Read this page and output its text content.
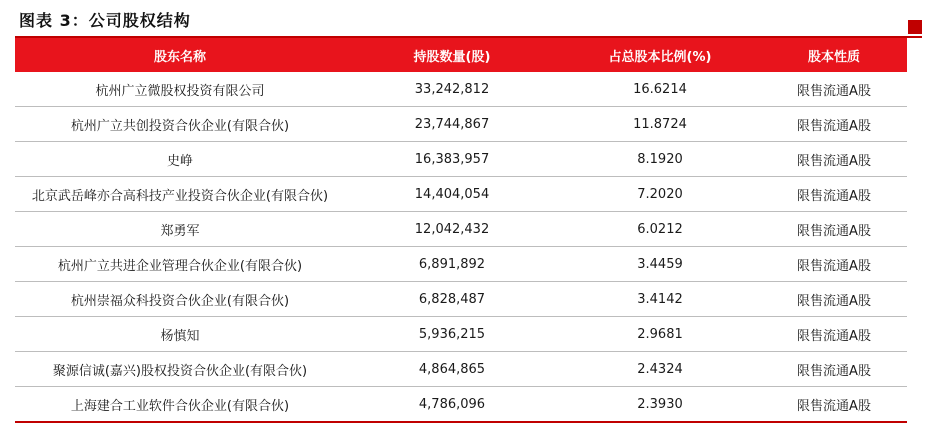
图表 3：公司股权结构
股东名称	持股数量(股)	占总股本比例(%)	股本性质
杭州广立微股权投资有限公司	33,242,812	16.6214	限售流通A股
杭州广立共创投资合伙企业(有限合伙)	23,744,867	11.8724	限售流通A股
史峥	16,383,957	8.1920	限售流通A股
北京武岳峰亦合高科技产业投资合伙企业(有限合伙)	14,404,054	7.2020	限售流通A股
郑勇军	12,042,432	6.0212	限售流通A股
杭州广立共进企业管理合伙企业(有限合伙)	6,891,892	3.4459	限售流通A股
杭州崇福众科投资合伙企业(有限合伙)	6,828,487	3.4142	限售流通A股
杨慎知	5,936,215	2.9681	限售流通A股
聚源信诚(嘉兴)股权投资合伙企业(有限合伙)	4,864,865	2.4324	限售流通A股
上海建合工业软件合伙企业(有限合伙)	4,786,096	2.3930	限售流通A股
